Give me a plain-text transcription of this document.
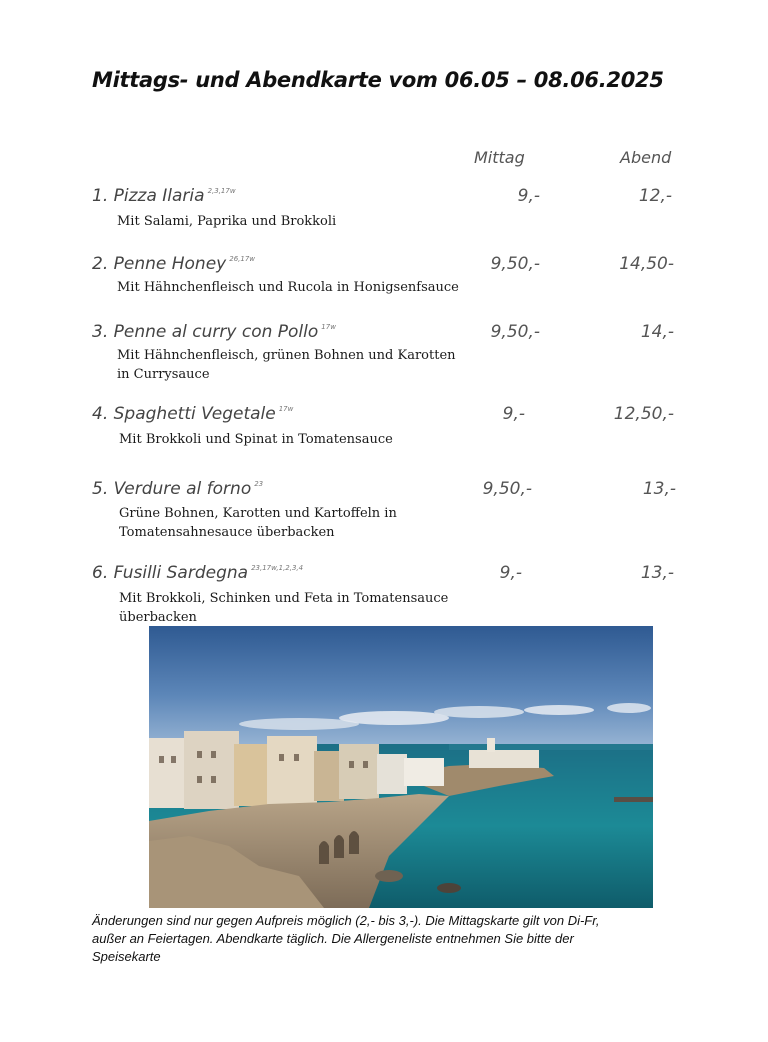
Mittags- und Abendkarte vom 06.05 – 08.06.2025
Mittag	Abend
1. Pizza Ilaria $^{2,3,17w}$	9,-	12,-
Mit Salami, Paprika und Brokkoli
2. Penne Honey $^{26,17w}$	9,50,-	14,50-
Mit Hähnchenfleisch und Rucola in Honigsenfsauce
3. Penne al curry con Pollo $^{17w}$	9,50,-	14,-
Mit Hähnchenfleisch, grünen Bohnen und Karotten
in Currysauce
4. Spaghetti Vegetale $^{17w}$	9,-	12,50,-
Mit Brokkoli und Spinat in Tomatensauce
5. Verdure al forno $^{23}$	9,50,-	13,-
Grüne Bohnen, Karotten und Kartoffeln in
Tomatensahnesauce überbacken
6. Fusilli Sardegna $^{23,17w,1,2,3,4}$	9,-	13,-
Mit Brokkoli, Schinken und Feta in Tomatensauce
überbacken
Änderungen sind nur gegen Aufpreis möglich (2,- bis 3,-). Die Mittagskarte gilt von Di-Fr,
außer an Feiertagen. Abendkarte täglich. Die Allergeneliste entnehmen Sie bitte der
Speisekarte
